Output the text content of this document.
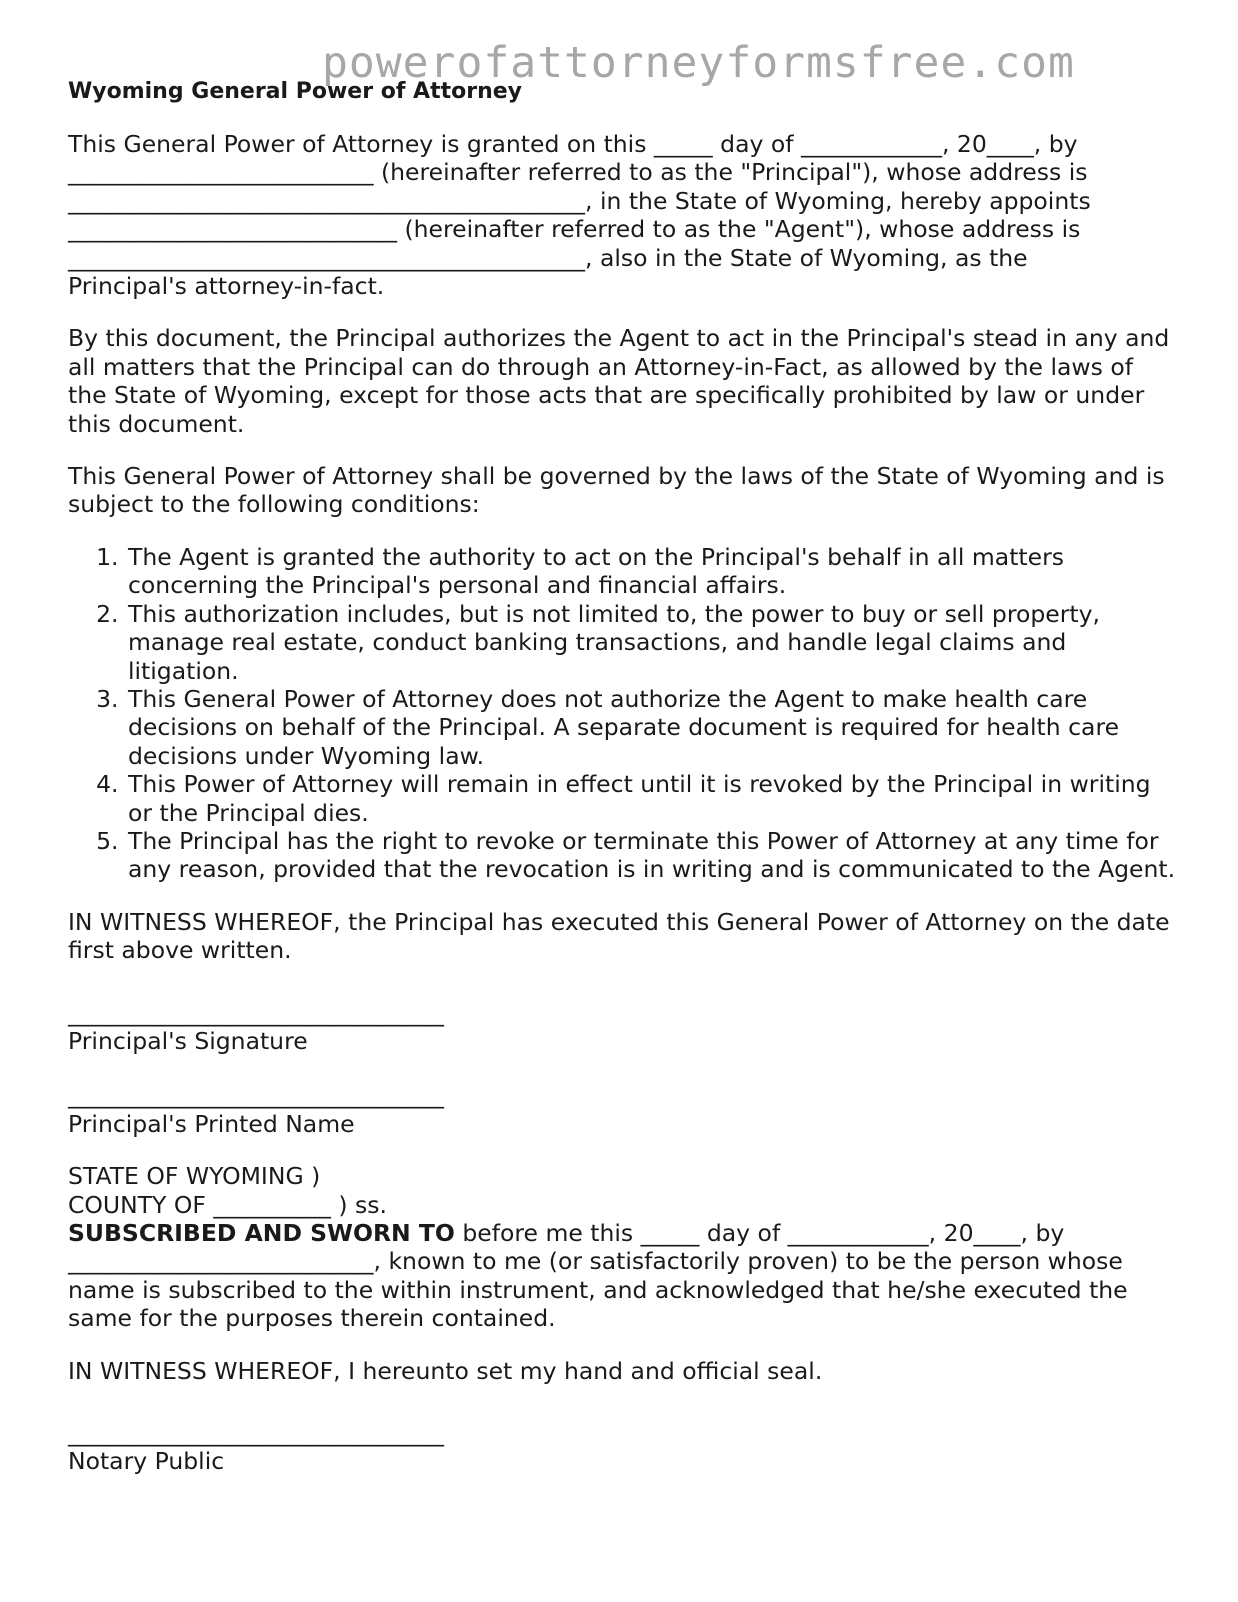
powerofattorneyformsfree.com
Wyoming General Power of Attorney

This General Power of Attorney is granted on this _____ day of ____________, 20____, by
__________________________ (hereinafter referred to as the "Principal"), whose address is
____________________________________________, in the State of Wyoming, hereby appoints
____________________________ (hereinafter referred to as the "Agent"), whose address is
____________________________________________, also in the State of Wyoming, as the
Principal's attorney-in-fact.

By this document, the Principal authorizes the Agent to act in the Principal's stead in any and all matters that the Principal can do through an Attorney-in-Fact, as allowed by the laws of the State of Wyoming, except for those acts that are specifically prohibited by law or under this document.

This General Power of Attorney shall be governed by the laws of the State of Wyoming and is subject to the following conditions:

1. The Agent is granted the authority to act on the Principal's behalf in all matters concerning the Principal's personal and financial affairs.
2. This authorization includes, but is not limited to, the power to buy or sell property, manage real estate, conduct banking transactions, and handle legal claims and litigation.
3. This General Power of Attorney does not authorize the Agent to make health care decisions on behalf of the Principal. A separate document is required for health care decisions under Wyoming law.
4. This Power of Attorney will remain in effect until it is revoked by the Principal in writing or the Principal dies.
5. The Principal has the right to revoke or terminate this Power of Attorney at any time for any reason, provided that the revocation is in writing and is communicated to the Agent.

IN WITNESS WHEREOF, the Principal has executed this General Power of Attorney on the date first above written.

________________________________
Principal's Signature
________________________________
Principal's Printed Name
STATE OF WYOMING )
COUNTY OF __________ ) ss.
SUBSCRIBED AND SWORN TO before me this _____ day of ____________, 20____, by
__________________________, known to me (or satisfactorily proven) to be the person whose
name is subscribed to the within instrument, and acknowledged that he/she executed the
same for the purposes therein contained.

IN WITNESS WHEREOF, I hereunto set my hand and official seal.

________________________________
Notary Public
